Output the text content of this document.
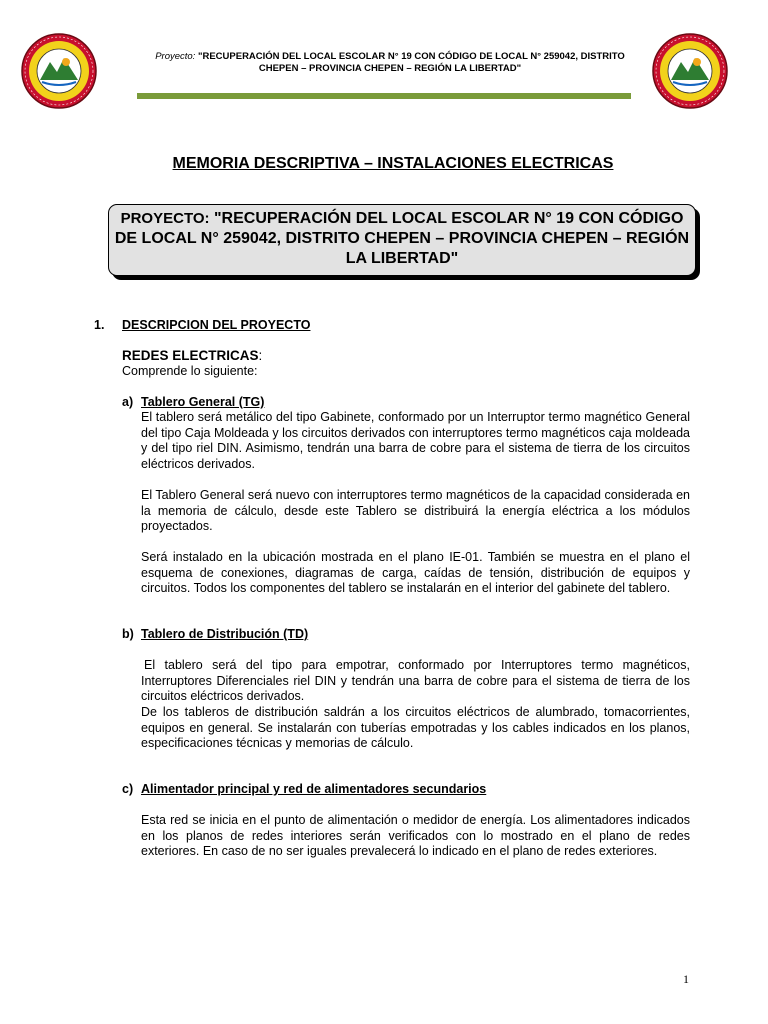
Proyecto: "RECUPERACIÓN DEL LOCAL ESCOLAR N° 19 CON CÓDIGO DE LOCAL N° 259042, DISTRITO CHEPEN – PROVINCIA CHEPEN – REGIÓN LA LIBERTAD"
MEMORIA DESCRIPTIVA – INSTALACIONES ELECTRICAS
PROYECTO: "RECUPERACIÓN DEL LOCAL ESCOLAR N° 19 CON CÓDIGO DE LOCAL N° 259042, DISTRITO CHEPEN – PROVINCIA CHEPEN – REGIÓN LA LIBERTAD"
1. DESCRIPCION DEL PROYECTO
REDES ELECTRICAS:
Comprende lo siguiente:
a) Tablero General (TG)
El tablero será metálico del tipo Gabinete, conformado por un Interruptor termo magnético General del tipo Caja Moldeada y los circuitos derivados con interruptores termo magnéticos caja moldeada y del tipo riel DIN. Asimismo, tendrán una barra de cobre para el sistema de tierra de los circuitos eléctricos derivados.
El Tablero General será nuevo con interruptores termo magnéticos de la capacidad considerada en la memoria de cálculo, desde este Tablero se distribuirá la energía eléctrica a los módulos proyectados.
Será instalado en la ubicación mostrada en el plano IE-01. También se muestra en el plano el esquema de conexiones, diagramas de carga, caídas de tensión, distribución de equipos y circuitos. Todos los componentes del tablero se instalarán en el interior del gabinete del tablero.
b) Tablero de Distribución (TD)
El tablero será del tipo para empotrar, conformado por Interruptores termo magnéticos, Interruptores Diferenciales riel DIN y tendrán una barra de cobre para el sistema de tierra de los circuitos eléctricos derivados.
De los tableros de distribución saldrán a los circuitos eléctricos de alumbrado, tomacorrientes, equipos en general. Se instalarán con tuberías empotradas y los cables indicados en los planos, especificaciones técnicas y memorias de cálculo.
c) Alimentador principal y red de alimentadores secundarios
Esta red se inicia en el punto de alimentación o medidor de energía. Los alimentadores indicados en los planos de redes interiores serán verificados con lo mostrado en el plano de redes exteriores. En caso de no ser iguales prevalecerá lo indicado en el plano de redes exteriores.
1
